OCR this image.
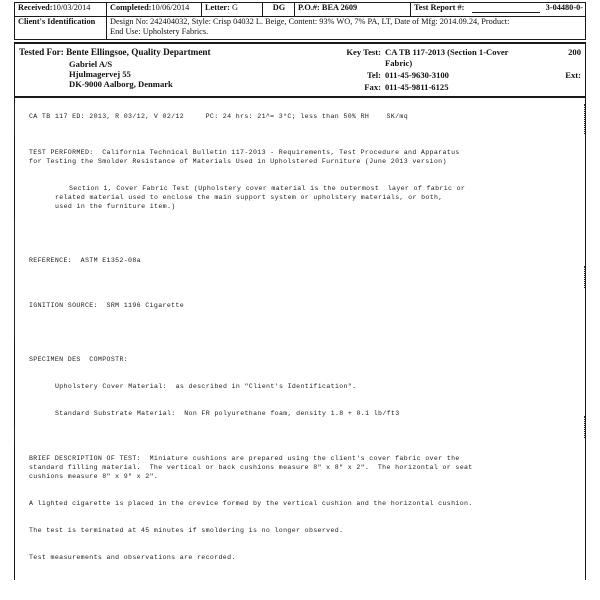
Received:10/03/2014	Completed:10/06/2014	Letter: G	DG	P.O.#: BEA 2609	Test Report #: 3-04480-0-

Client's Identification	Design No: 242404032, Style: Crisp 04032 L. Beige, Content: 93% WO, 7% PA, LT, Date of Mfg: 2014.09.24, Product:
End Use: Upholstery Fabrics.				
Tested For: Bente Ellingsoe, Quality Department
Gabriel A/S
Hjulmagervej 55
DK-9000 Aalborg, Denmark
Key Test: CA TB 117-2013 (Section 1-Cover	200
Fabric)
Tel: 011-45-9630-3100	Ext:
Fax: 011-45-9811-6125
CA TB 117 ED: 2013, R 03/12, V 02/12     PC: 24 hrs: 21^= 3*C; less than 50% RH    SK/mq
TEST PERFORMED:  California Technical Bulletin 117-2013 - Requirements, Test Procedure and Apparatus
for Testing the Smolder Resistance of Materials Used in Upholstered Furniture (June 2013 version)
Section 1, Cover Fabric Test (Upholstery cover material is the outermost  layer of fabric or
related material used to enclose the main support system or upholstery materials, or both,
used in the furniture item.)
REFERENCE:  ASTM E1352-08a
IGNITION SOURCE:  SRM 1196 Cigarette
SPECIMEN DES  COMPOSTR:
Upholstery Cover Material:  as described in "Client's Identification".
Standard Substrate Material:  Non FR polyurethane foam, density 1.8 + 0.1 lb/ft3
BRIEF DESCRIPTION OF TEST:  Miniature cushions are prepared using the client's cover fabric over the
standard filling material.  The vertical or back cushions measure 8" x 8" x 2".  The horizontal or seat
cushions measure 8" x 9" x 2".
A lighted cigarette is placed in the crevice formed by the vertical cushion and the horizontal cushion.
The test is terminated at 45 minutes if smoldering is no longer observed.
Test measurements and observations are recorded.
